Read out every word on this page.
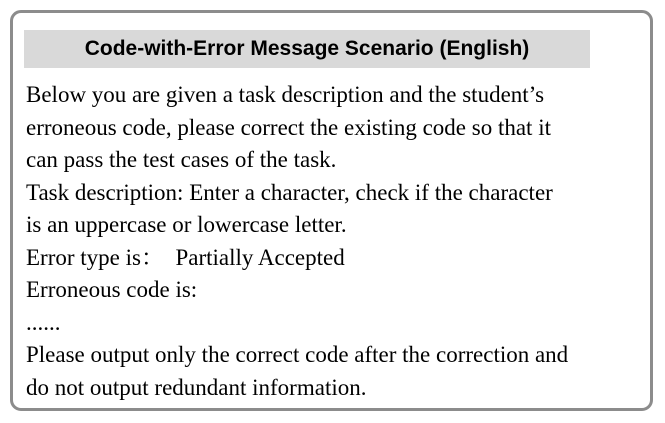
Code-with-Error Message Scenario (English)
Below you are given a task description and the student’s
erroneous code, please correct the existing code so that it
can pass the test cases of the task.
Task description: Enter a character, check if the character
is an uppercase or lowercase letter.
Error type is：  Partially Accepted
Erroneous code is:
......
Please output only the correct code after the correction and
do not output redundant information.
